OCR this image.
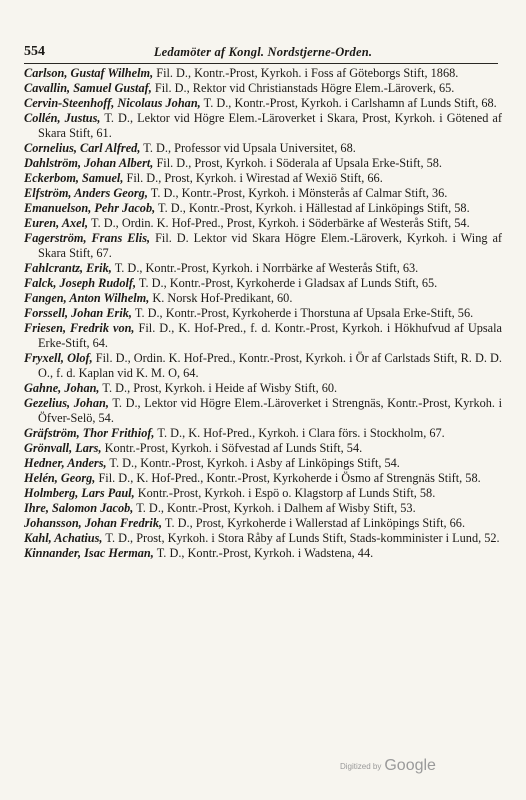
554	Ledamöter af Kongl. Nordstjerne-Orden.

Carlson, Gustaf Wilhelm, Fil. D., Kontr.-Prost, Kyrkoh. i Foss af Göteborgs Stift, 1868.

Cavallin, Samuel Gustaf, Fil. D., Rektor vid Christianstads Högre Elem.-Läroverk, 65.

Cervin-Steenhoff, Nicolaus Johan, T. D., Kontr.-Prost, Kyrkoh. i Carlshamn af Lunds Stift, 68.

Collén, Justus, T. D., Lektor vid Högre Elem.-Läroverket i Skara, Prost, Kyrkoh. i Götened af Skara Stift, 61.

Cornelius, Carl Alfred, T. D., Professor vid Upsala Universitet, 68.

Dahlström, Johan Albert, Fil. D., Prost, Kyrkoh. i Söderala af Upsala Erke-Stift, 58.

Eckerbom, Samuel, Fil. D., Prost, Kyrkoh. i Wirestad af Wexiö Stift, 66.

Elfström, Anders Georg, T. D., Kontr.-Prost, Kyrkoh. i Mönsterås af Calmar Stift, 36.

Emanuelson, Pehr Jacob, T. D., Kontr.-Prost, Kyrkoh. i Hällestad af Linköpings Stift, 58.

Euren, Axel, T. D., Ordin. K. Hof-Pred., Prost, Kyrkoh. i Söderbärke af Westerås Stift, 54.

Fagerström, Frans Elis, Fil. D. Lektor vid Skara Högre Elem.-Läroverk, Kyrkoh. i Wing af Skara Stift, 67.

Fahlcrantz, Erik, T. D., Kontr.-Prost, Kyrkoh. i Norrbärke af Westerås Stift, 63.

Falck, Joseph Rudolf, T. D., Kontr.-Prost, Kyrkoherde i Gladsax af Lunds Stift, 65.

Fangen, Anton Wilhelm, K. Norsk Hof-Predikant, 60.

Forssell, Johan Erik, T. D., Kontr.-Prost, Kyrkoherde i Thorstuna af Upsala Erke-Stift, 56.

Friesen, Fredrik von, Fil. D., K. Hof-Pred., f. d. Kontr.-Prost, Kyrkoh. i Hökhufvud af Upsala Erke-Stift, 64.

Fryxell, Olof, Fil. D., Ordin. K. Hof-Pred., Kontr.-Prost, Kyrkoh. i Ör af Carlstads Stift, R. D. D. O., f. d. Kaplan vid K. M. O, 64.

Gahne, Johan, T. D., Prost, Kyrkoh. i Heide af Wisby Stift, 60.

Gezelius, Johan, T. D., Lektor vid Högre Elem.-Läroverket i Strengnäs, Kontr.-Prost, Kyrkoh. i Öfver-Selö, 54.

Gräfström, Thor Frithiof, T. D., K. Hof-Pred., Kyrkoh. i Clara förs. i Stockholm, 67.

Grönvall, Lars, Kontr.-Prost, Kyrkoh. i Söfvestad af Lunds Stift, 54.

Hedner, Anders, T. D., Kontr.-Prost, Kyrkoh. i Asby af Linköpings Stift, 54.

Helén, Georg, Fil. D., K. Hof-Pred., Kontr.-Prost, Kyrkoherde i Ösmo af Strengnäs Stift, 58.

Holmberg, Lars Paul, Kontr.-Prost, Kyrkoh. i Espö o. Klagstorp af Lunds Stift, 58.

Ihre, Salomon Jacob, T. D., Kontr.-Prost, Kyrkoh. i Dalhem af Wisby Stift, 53.

Johansson, Johan Fredrik, T. D., Prost, Kyrkoherde i Wallerstad af Linköpings Stift, 66.

Kahl, Achatius, T. D., Prost, Kyrkoh. i Stora Råby af Lunds Stift, Stads-komminister i Lund, 52.

Kinnander, Isac Herman, T. D., Kontr.-Prost, Kyrkoh. i Wadstena, 44.

Digitized by Google
